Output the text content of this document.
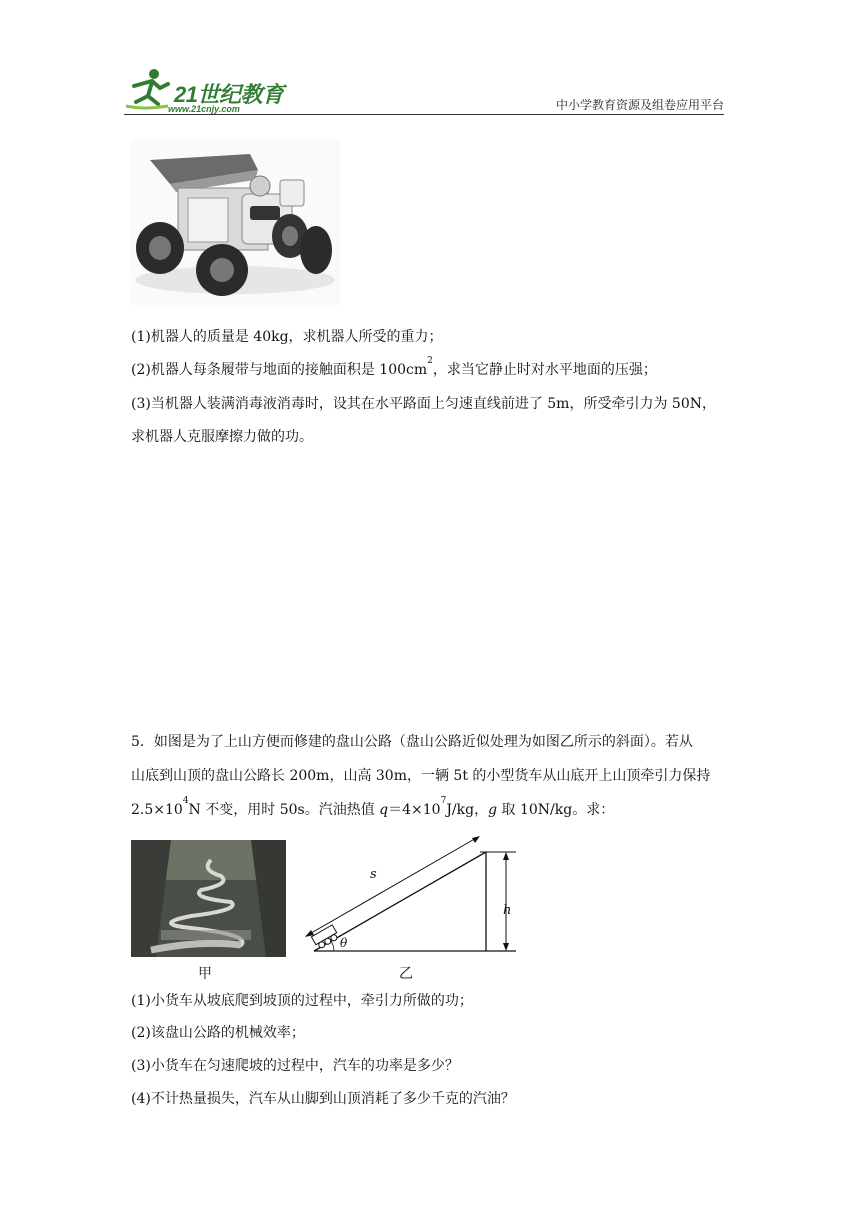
21世纪教育
www.21cnjy.com	中小学教育资源及组卷应用平台
(1)机器人的质量是 40kg，求机器人所受的重力；
(2)机器人每条履带与地面的接触面积是 $100cm^2$，求当它静止时对水平地面的压强；
(3)当机器人装满消毒液消毒时，设其在水平路面上匀速直线前进了 5m，所受牵引力为 50N，
求机器人克服摩擦力做的功。
5．如图是为了上山方便而修建的盘山公路（盘山公路近似处理为如图乙所示的斜面）。若从
山底到山顶的盘山公路长 200m，山高 30m，一辆 5t 的小型货车从山底开上山顶牵引力保持
$2.5\times 10^4N$ 不变，用时 50s。汽油热值 $q=4\times 10^7J/kg$，g 取 10N/kg。求：
甲
h
s
θ
乙
(1)小货车从坡底爬到坡顶的过程中，牵引力所做的功；
(2)该盘山公路的机械效率；
(3)小货车在匀速爬坡的过程中，汽车的功率是多少？
(4)不计热量损失，汽车从山脚到山顶消耗了多少千克的汽油？
